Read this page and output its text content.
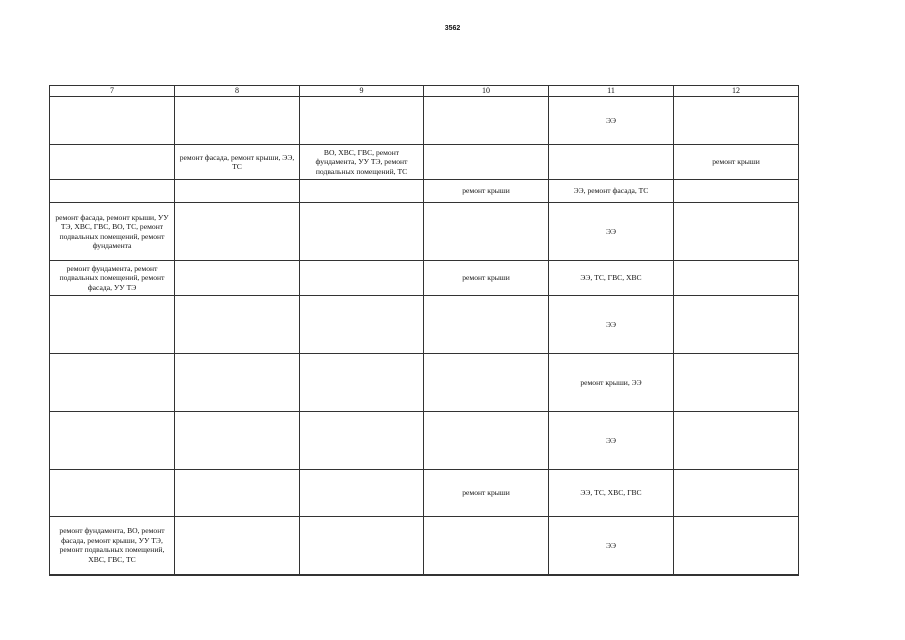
3562
7	8	9	10	11	12
				ЭЭ	
	ремонт фасада, ремонт крыши, ЭЭ, ТС	ВО, ХВС, ГВС, ремонт фундамента, УУ ТЭ, ремонт подвальных помещений, ТС			ремонт крыши
			ремонт крыши	ЭЭ, ремонт фасада, ТС	
ремонт фасада, ремонт крыши, УУ ТЭ, ХВС, ГВС, ВО, ТС, ремонт подвальных помещений, ремонт фундамента				ЭЭ	
ремонт фундамента, ремонт подвальных помещений, ремонт фасада, УУ ТЭ			ремонт крыши	ЭЭ, ТС, ГВС, ХВС	
				ЭЭ	
				ремонт крыши, ЭЭ	
				ЭЭ	
			ремонт крыши	ЭЭ, ТС, ХВС, ГВС	
ремонт фундамента, ВО, ремонт фасада, ремонт крыши, УУ ТЭ, ремонт подвальных помещений, ХВС, ГВС, ТС				ЭЭ	
